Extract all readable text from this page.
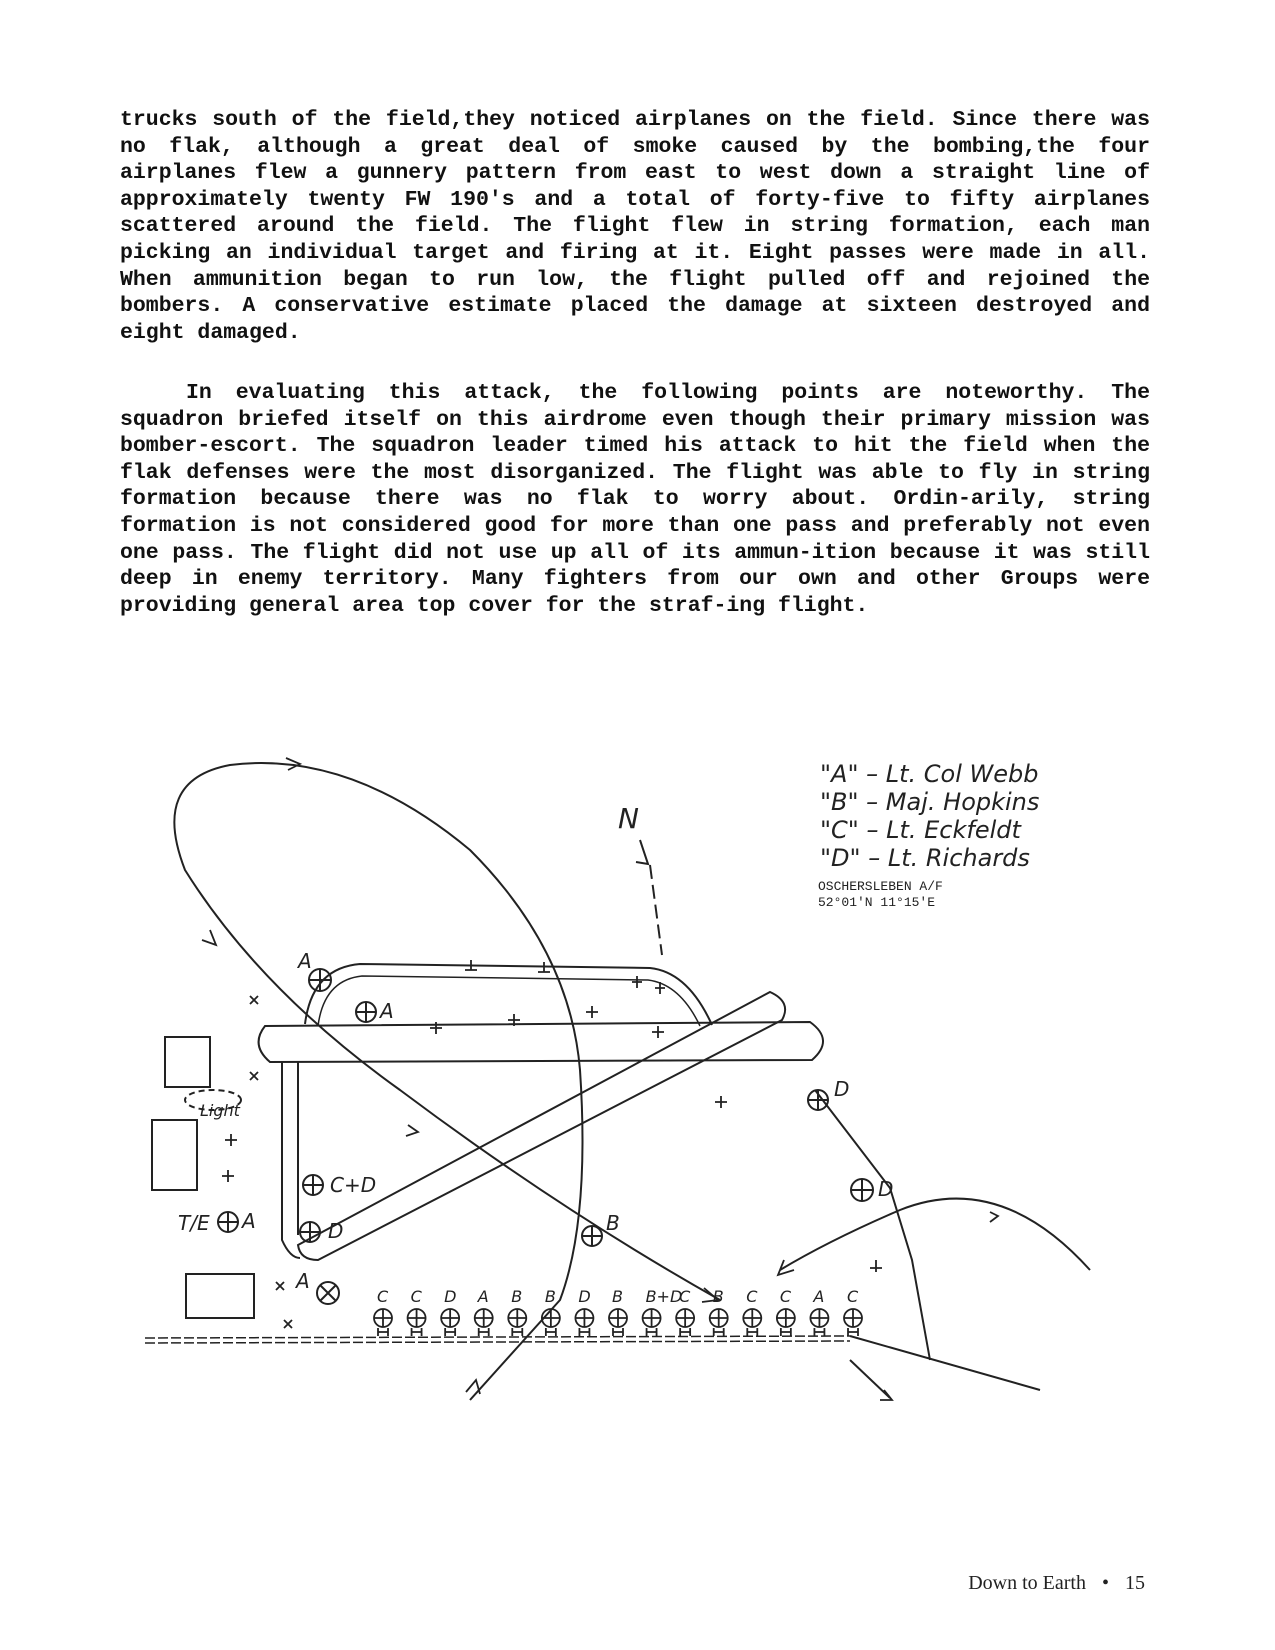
trucks south of the field,they noticed airplanes on the field. Since there was no flak, although a great deal of smoke caused by the bombing,the four airplanes flew a gunnery pattern from east to west down a straight line of approximately twenty FW 190's and a total of forty-five to fifty airplanes scattered around the field. The flight flew in string formation, each man picking an individual target and firing at it. Eight passes were made in all. When ammunition began to run low, the flight pulled off and rejoined the bombers. A conservative estimate placed the damage at sixteen destroyed and eight damaged.

In evaluating this attack, the following points are noteworthy. The squadron briefed itself on this airdrome even though their primary mission was bomber-escort. The squadron leader timed his attack to hit the field when the flak defenses were the most disorganized. The flight was able to fly in string formation because there was no flak to worry about. Ordin-arily, string formation is not considered good for more than one pass and preferably not even one pass. The flight did not use up all of its ammun-ition because it was still deep in enemy territory. Many fighters from our own and other Groups were providing general area top cover for the straf-ing flight.

C C D A B B D B B+D
C B C C A C
A
A
Light
C+D
D
T/E A
A
B
D
D
N
"A" – Lt. Col Webb
"B" – Maj. Hopkins
"C" – Lt. Eckfeldt
"D" – Lt. Richards
OSCHERSLEBEN A/F
52°01'N 11°15'E
Down to Earth • 15
